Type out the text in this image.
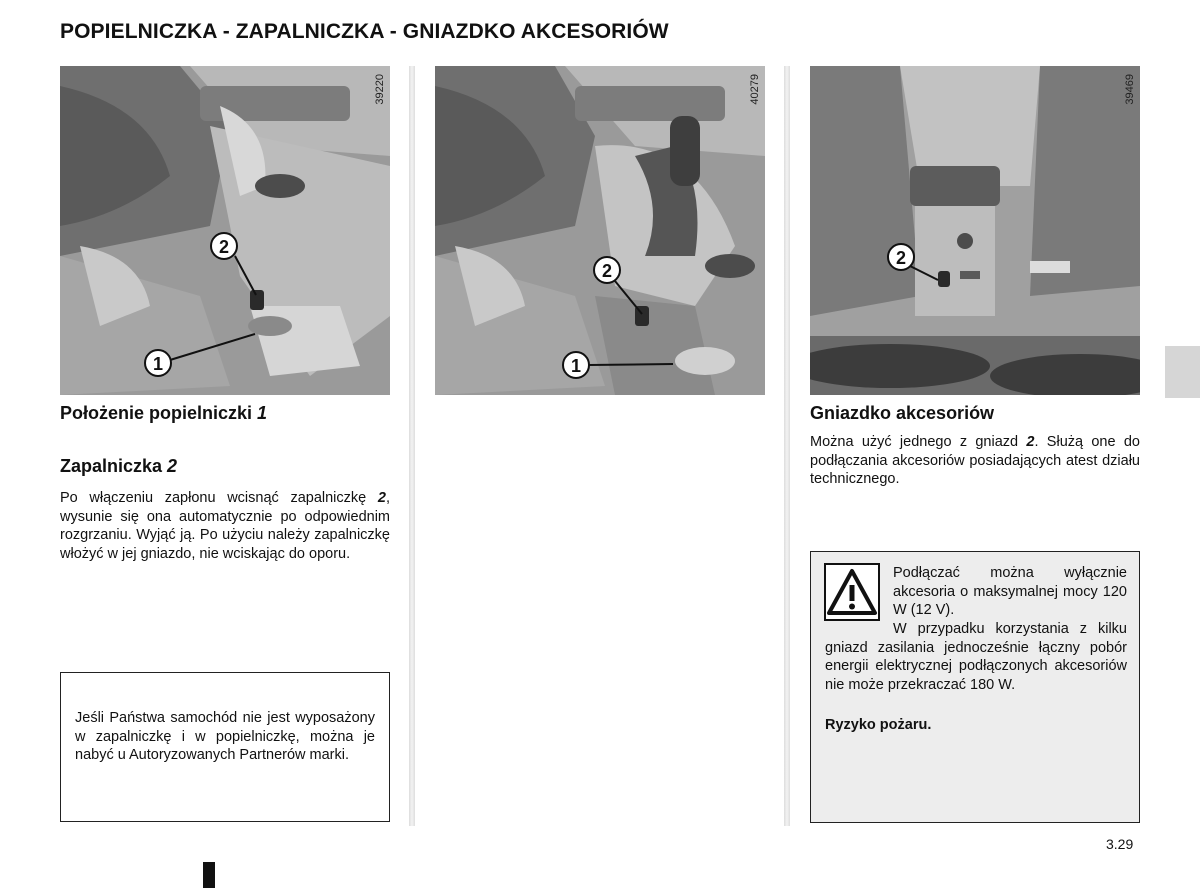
POPIELNICZKA - ZAPALNICZKA - GNIAZDKO AKCESORIÓW
39220
2
1
40279
2
1
39469
2
Położenie popielniczki 1
Zapalniczka 2
Po włączeniu zapłonu wcisnąć zapalniczkę 2, wysunie się ona automatycznie po odpowiednim rozgrzaniu. Wyjąć ją. Po użyciu należy zapalniczkę włożyć w jej gniazdo, nie wciskając do oporu.
Jeśli Państwa samochód nie jest wyposażony w zapalniczkę i w popielniczkę, można je nabyć u Autoryzowanych Partnerów marki.
Gniazdko akcesoriów
Można użyć jednego z gniazd 2. Służą one do podłączania akcesoriów posiadających atest działu technicznego.
Podłączać można wyłącznie akcesoria o maksymalnej mocy 120 W (12 V).
W przypadku korzystania z kilku gniazd zasilania jednocześnie łączny pobór energii elektrycznej podłączonych akcesoriów nie może przekraczać 180 W.
Ryzyko pożaru.
3.29
